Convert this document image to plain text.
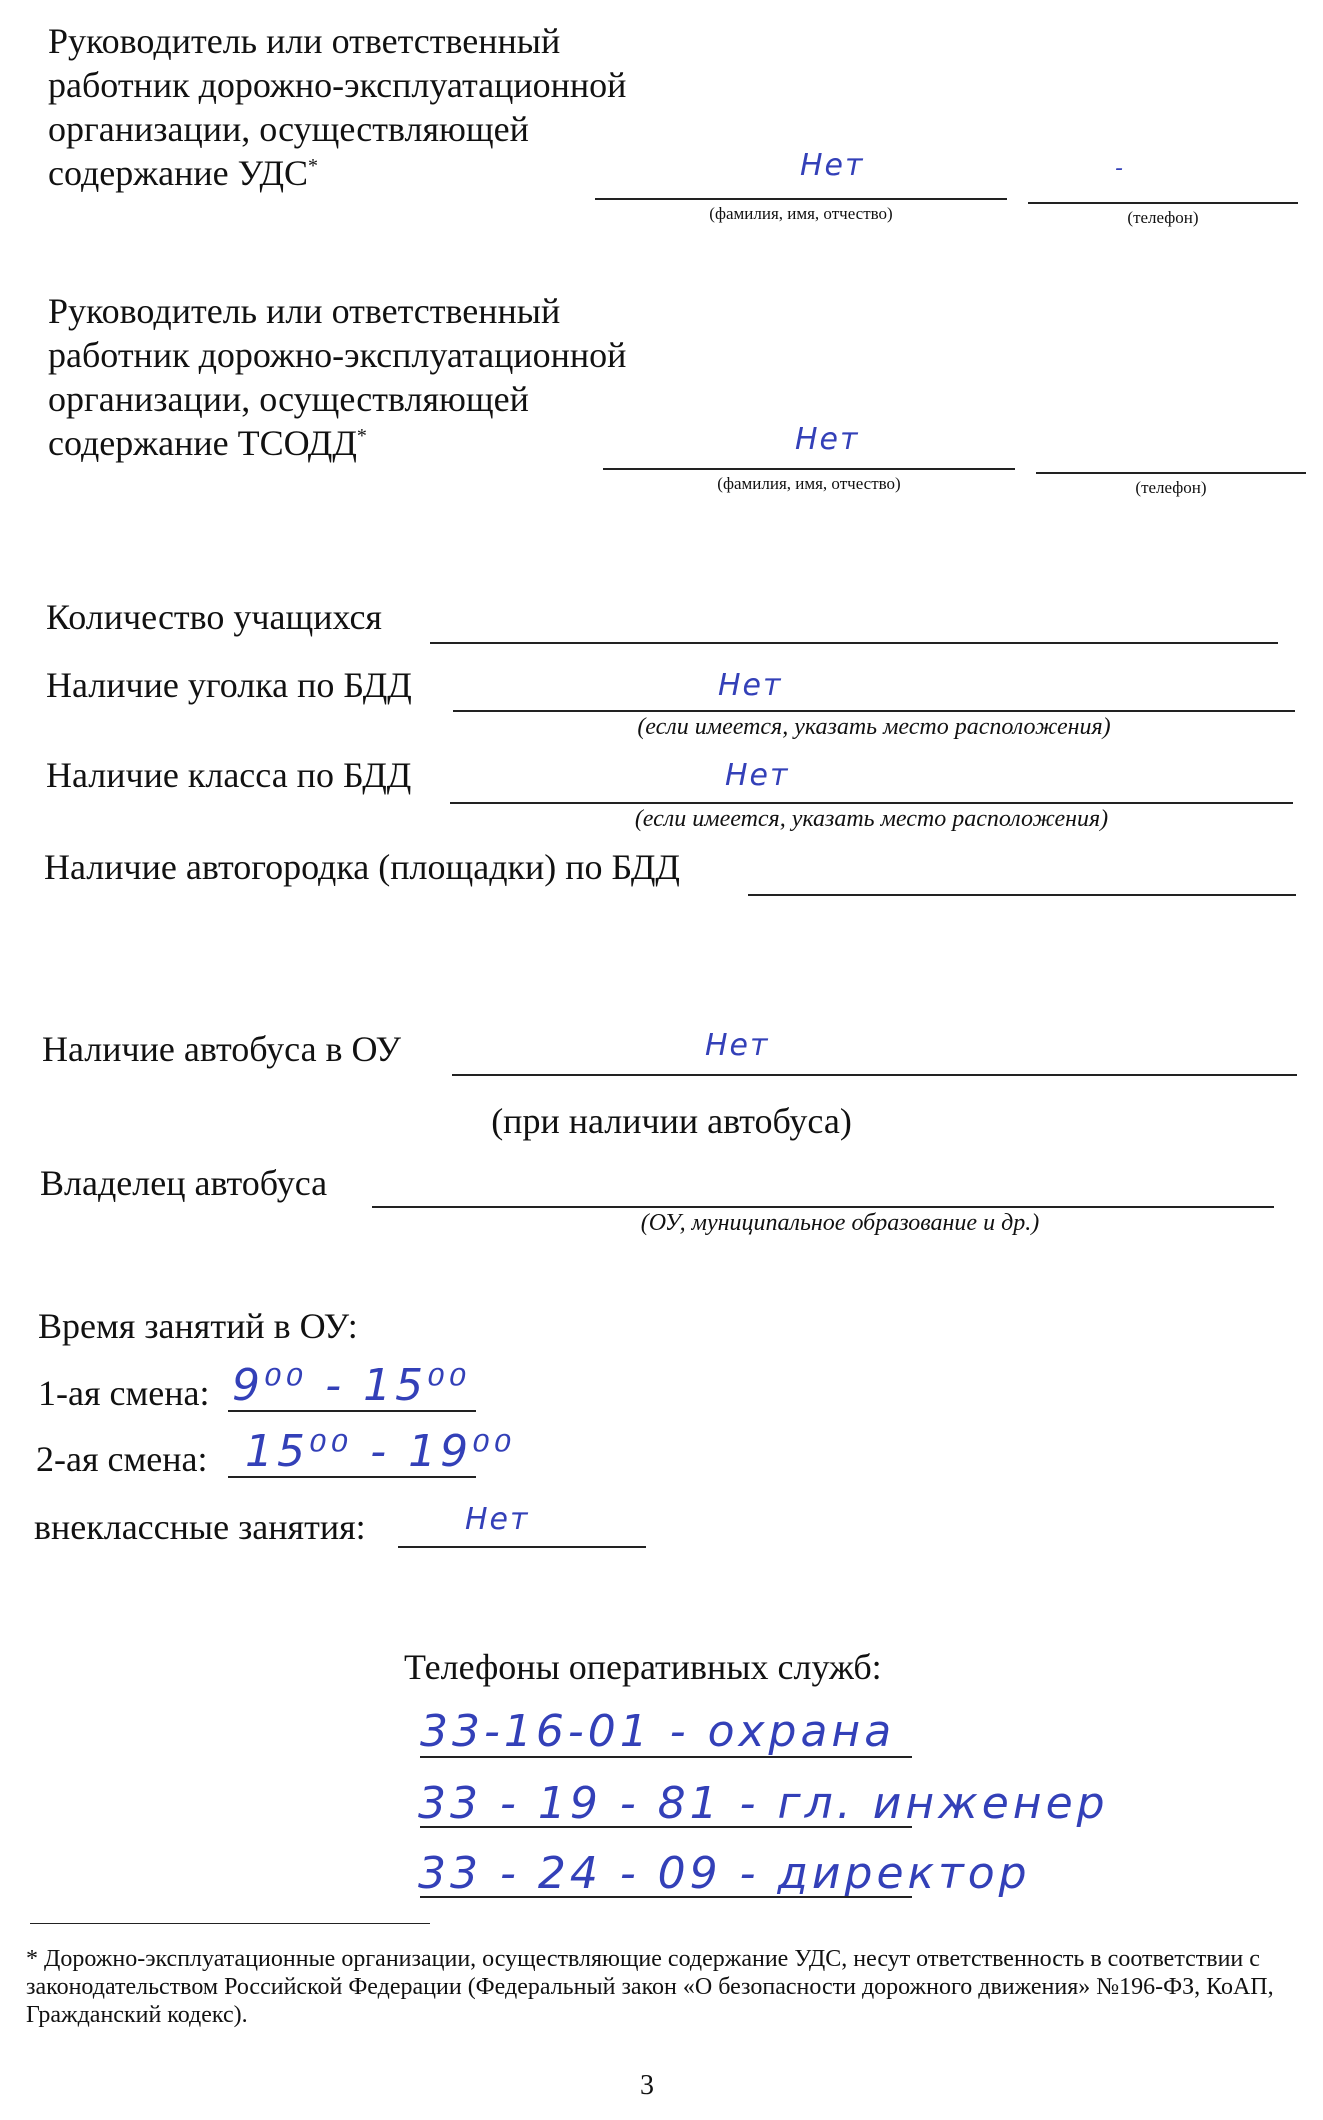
Руководитель или ответственный
работник дорожно-эксплуатационной
организации, осуществляющей
содержание УДС*	Нет
(фамилия, имя, отчество)
-
(телефон)
Руководитель или ответственный
работник дорожно-эксплуатационной
организации, осуществляющей
содержание ТСОДД*	Нет
(фамилия, имя, отчество)	(телефон)
Количество учащихся
Наличие уголка по БДД	Нет
(если имеется, указать место расположения)
Наличие класса по БДД	Нет
(если имеется, указать место расположения)
Наличие автогородка (площадки) по БДД
Наличие автобуса в ОУ	Нет
(при наличии автобуса)
Владелец автобуса
(ОУ, муниципальное образование и др.)
Время занятий в ОУ:
1-ая смена: 9⁰⁰ - 15⁰⁰
2-ая смена: 15⁰⁰ - 19⁰⁰
внеклассные занятия:	Нет
Телефоны оперативных служб:
33-16-01 - охрана
33 - 19 - 81 - гл. инженер
33 - 24 - 09 - директор
* Дорожно-эксплуатационные организации, осуществляющие содержание УДС, несут ответственность в соответствии с законодательством Российской Федерации (Федеральный закон «О безопасности дорожного движения» №196-ФЗ, КоАП, Гражданский кодекс).
3
